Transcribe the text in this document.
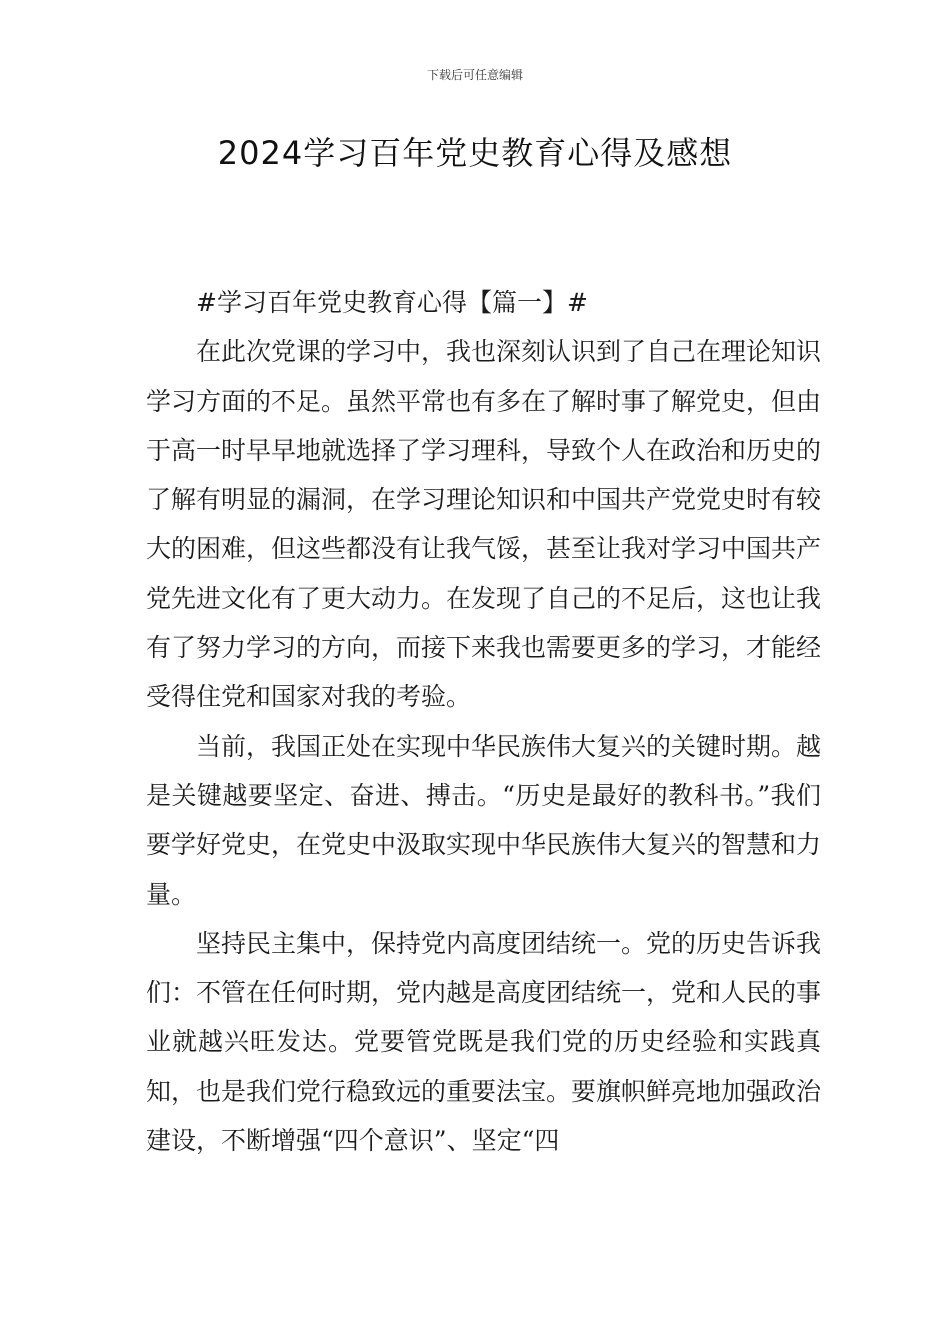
下载后可任意编辑
2024学习百年党史教育心得及感想

#学习百年党史教育心得【篇一】#

在此次党课的学习中，我也深刻认识到了自己在理论知识学习方面的不足。虽然平常也有多在了解时事了解党史，但由于高一时早早地就选择了学习理科，导致个人在政治和历史的了解有明显的漏洞，在学习理论知识和中国共产党党史时有较大的困难，但这些都没有让我气馁，甚至让我对学习中国共产党先进文化有了更大动力。在发现了自己的不足后，这也让我有了努力学习的方向，而接下来我也需要更多的学习，才能经受得住党和国家对我的考验。

当前，我国正处在实现中华民族伟大复兴的关键时期。越是关键越要坚定、奋进、搏击。“历史是最好的教科书。”我们要学好党史，在党史中汲取实现中华民族伟大复兴的智慧和力量。

坚持民主集中，保持党内高度团结统一。党的历史告诉我们：不管在任何时期，党内越是高度团结统一，党和人民的事业就越兴旺发达。党要管党既是我们党的历史经验和实践真知，也是我们党行稳致远的重要法宝。要旗帜鲜亮地加强政治建设，不断增强“四个意识”、坚定“四
